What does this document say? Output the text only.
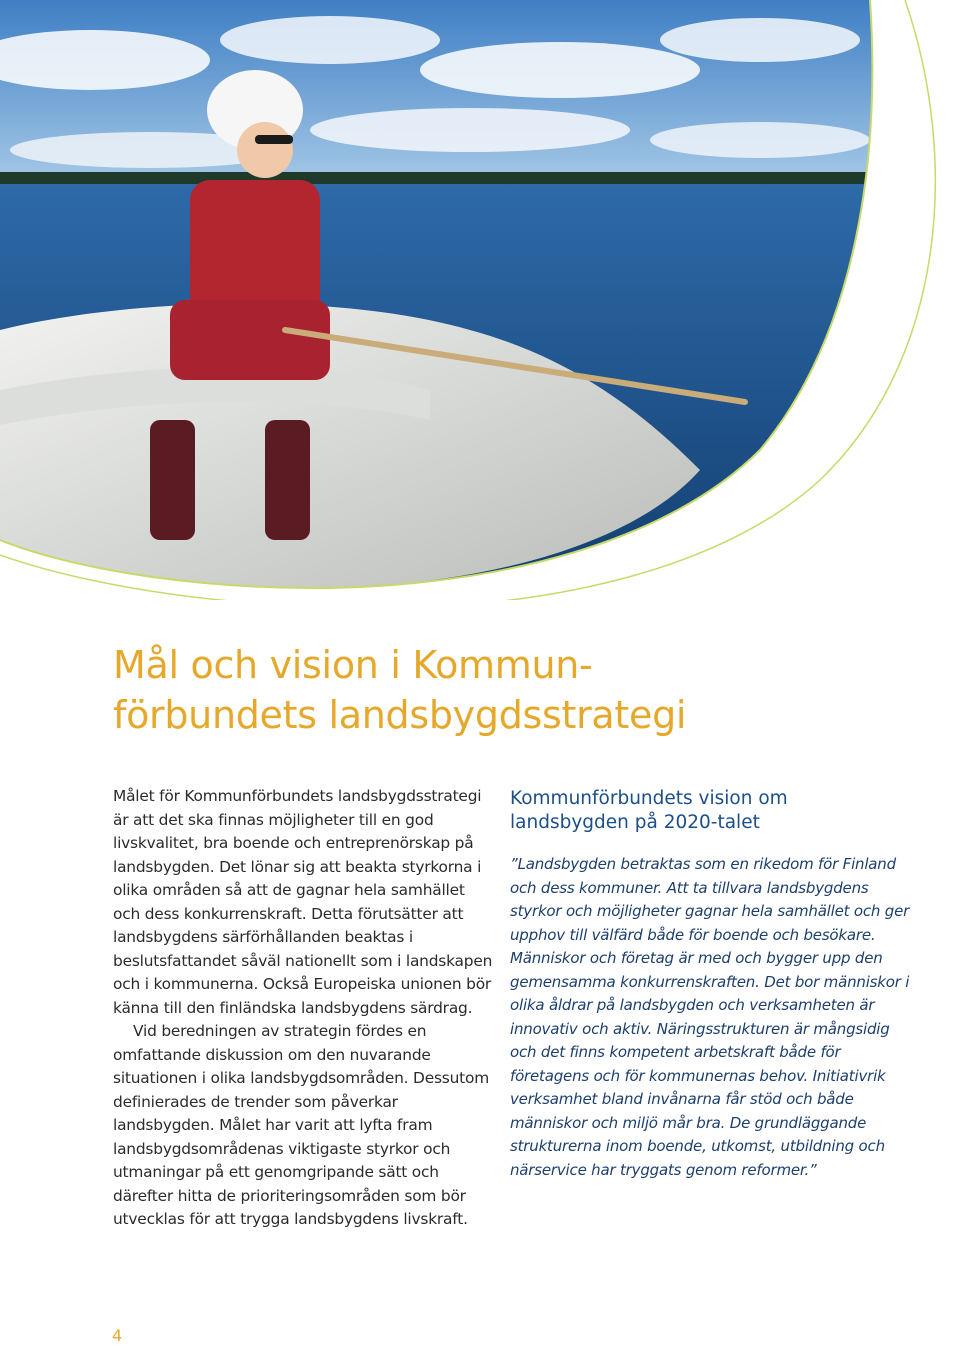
Mål och vision i Kommun-
förbundets landsbygdsstrategi

Målet för Kommunförbundets landsbygdsstrategi är att det ska finnas möjligheter till en god livskvalitet, bra boende och entreprenörskap på landsbygden. Det lönar sig att beakta styrkorna i olika områden så att de gagnar hela samhället och dess konkurrenskraft. Detta förutsätter att landsbygdens särförhållanden beaktas i beslutsfattandet såväl nationellt som i landskapen och i kommunerna. Också Europeiska unionen bör känna till den finländska landsbygdens särdrag.

Vid beredningen av strategin fördes en omfattande diskussion om den nuvarande situationen i olika landsbygdsområden. Dessutom definierades de trender som påverkar landsbygden. Målet har varit att lyfta fram landsbygdsområdenas viktigaste styrkor och utmaningar på ett genomgripande sätt och därefter hitta de prioriteringsområden som bör utvecklas för att trygga landsbygdens livskraft.

Kommunförbundets vision om landsbygden på 2020-talet

”Landsbygden betraktas som en rikedom för Finland och dess kommuner. Att ta tillvara landsbygdens styrkor och möjligheter gagnar hela samhället och ger upphov till välfärd både för boende och besökare. Människor och företag är med och bygger upp den gemensamma konkurrenskraften. Det bor människor i olika åldrar på landsbygden och verksamheten är innovativ och aktiv. Näringsstrukturen är mångsidig och det finns kompetent arbetskraft både för företagens och för kommunernas behov. Initiativrik verksamhet bland invånarna får stöd och både människor och miljö mår bra. De grundläggande strukturerna inom boende, utkomst, utbildning och närservice har tryggats genom reformer.”

4
